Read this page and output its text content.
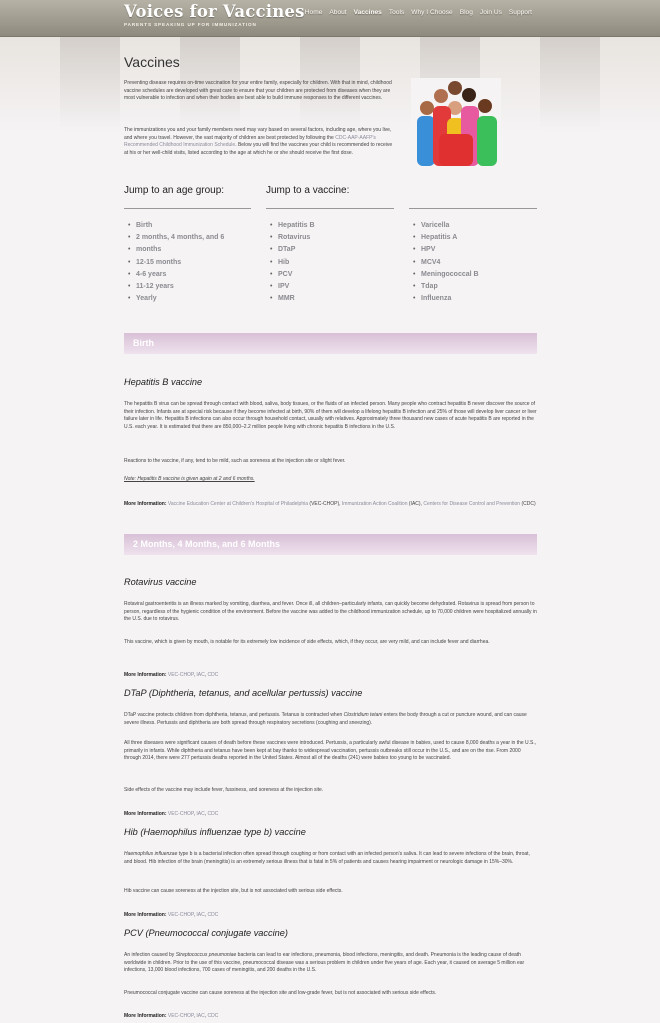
Voices for Vaccines
PARENTS SPEAKING UP FOR IMMUNIZATION
Home About Vaccines Tools Why I Choose Blog Join Us Support
Vaccines

Preventing disease requires on-time vaccination for your entire family, especially for children. With that in mind, childhood vaccine schedules are developed with great care to ensure that your children are protected from diseases when they are most vulnerable to infection and when their bodies are best able to build immune responses to the different vaccines.

The immunizations you and your family members need may vary based on several factors, including age, where you live, and where you travel. However, the vast majority of children are best protected by following the CDC-AAP-AAFP's Recommended Childhood Immunization Schedule. Below you will find the vaccines your child is recommended to receive at his or her well-child visits, listed according to the age at which he or she should receive the first dose.

Jump to an age group:	Jump to a vaccine:
• Birth
• 2 months, 4 months, and 6
• months
• 12-15 months
• 4-6 years
• 11-12 years
• Yearly
• Hepatitis B
• Rotavirus
• DTaP
• Hib
• PCV
• IPV
• MMR
• Varicella
• Hepatitis A
• HPV
• MCV4
• Meningococcal B
• Tdap
• Influenza
Birth
Hepatitis B vaccine

The hepatitis B virus can be spread through contact with blood, saliva, body tissues, or the fluids of an infected person. Many people who contract hepatitis B never discover the source of their infection. Infants are at special risk because if they become infected at birth, 90% of them will develop a lifelong hepatitis B infection and 25% of those will develop liver cancer or liver failure later in life. Hepatitis B infections can also occur through household contact, usually with relatives. Approximately three thousand new cases of acute hepatitis B are reported in the U.S. each year. It is estimated that there are 850,000–2.2 million people living with chronic hepatitis B infections in the U.S.

Reactions to the vaccine, if any, tend to be mild, such as soreness at the injection site or slight fever.

Note: Hepatitis B vaccine is given again at 2 and 6 months.

More Information: Vaccine Education Center at Children's Hospital of Philadelphia (VEC-CHOP), Immunization Action Coalition (IAC), Centers for Disease Control and Prevention (CDC)

2 Months, 4 Months, and 6 Months
Rotavirus vaccine

Rotaviral gastroenteritis is an illness marked by vomiting, diarrhea, and fever. Once ill, all children–particularly infants, can quickly become dehydrated. Rotavirus is spread from person to person, regardless of the hygienic condition of the environment. Before the vaccine was added to the childhood immunization schedule, up to 70,000 children were hospitalized annually in the U.S. due to rotavirus.

This vaccine, which is given by mouth, is notable for its extremely low incidence of side effects, which, if they occur, are very mild, and can include fever and diarrhea.

More Information: VEC-CHOP, IAC, CDC

DTaP (Diphtheria, tetanus, and acellular pertussis) vaccine

DTaP vaccine protects children from diphtheria, tetanus, and pertussis. Tetanus is contracted when Clostridium tetani enters the body through a cut or puncture wound, and can cause severe illness. Pertussis and diphtheria are both spread through respiratory secretions (coughing and sneezing).

All three diseases were significant causes of death before these vaccines were introduced. Pertussis, a particularly awful disease in babies, used to cause 8,000 deaths a year in the U.S., primarily in infants. While diphtheria and tetanus have been kept at bay thanks to widespread vaccination, pertussis outbreaks still occur in the U.S., and are on the rise. From 2000 through 2014, there were 277 pertussis deaths reported in the United States. Almost all of the deaths (241) were babies too young to be vaccinated.

Side effects of the vaccine may include fever, fussiness, and soreness at the injection site.

More Information: VEC-CHOP, IAC, CDC

Hib (Haemophilus influenzae type b) vaccine

Haemophilus influenzae type b is a bacterial infection often spread through coughing or from contact with an infected person's saliva. It can lead to severe infections of the brain, throat, and blood. Hib infection of the brain (meningitis) is an extremely serious illness that is fatal in 5% of patients and causes hearing impairment or neurologic damage in 15%–30%.

Hib vaccine can cause soreness at the injection site, but is not associated with serious side effects.

More Information: VEC-CHOP, IAC, CDC

PCV (Pneumococcal conjugate vaccine)

An infection caused by Streptococcus pneumoniae bacteria can lead to ear infections, pneumonia, blood infections, meningitis, and death. Pneumonia is the leading cause of death worldwide in children. Prior to the use of this vaccine, pneumococcal disease was a serious problem in children under five years of age. Each year, it caused on average 5 million ear infections, 13,000 blood infections, 700 cases of meningitis, and 200 deaths in the U.S.

Pneumococcal conjugate vaccine can cause soreness at the injection site and low-grade fever, but is not associated with serious side effects.

More Information: VEC-CHOP, IAC, CDC
